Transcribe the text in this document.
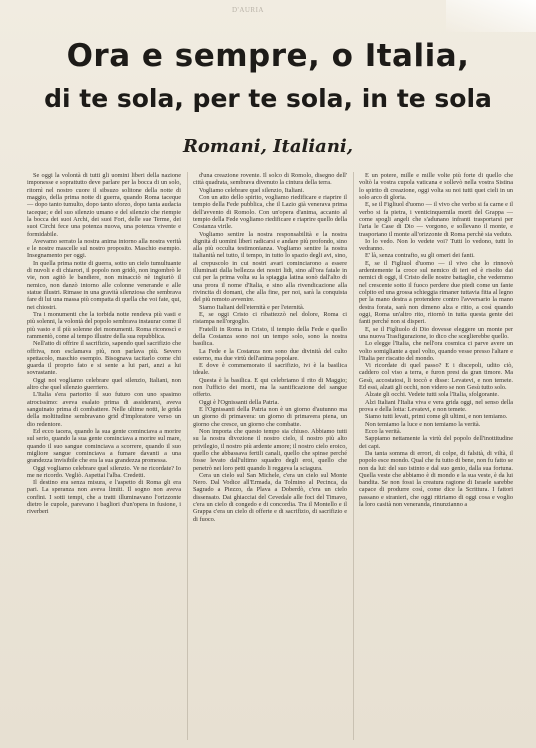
D'AURIA
Ora e sempre, o Italia,
di te sola, per te sola, in te sola
Romani, Italiani,

Se oggi la volontà di tutti gli uomini liberi della nazione imponesse e soprattutto deve parlare per la bocca di un solo, ritornì nel nostro cuore il sibsuzo solitone della notte di maggio, della prima notte di guerra, quando Roma taceque — dopo tanto tumulto, dopo tanto sforzo, dopo tanta audacia taceque; e del suo silenzio umano e del silenzio che riempie la bocca dei suoi Archi, dei suoi Fori, delle sue Terme, dei suoi Circhi fece una potenza nuova, una potenza vivente e formidabile.

Avevamo serrato la nostra anima intorno alla nostra verità e le nostre mascelle sul nostro proposito. Maschio esempio. Insegnamento per oggi.

In quella prima notte di guerra, sotto un cielo tumultuante di nuvoli e di chiarori, il popolo non gridò, non ingombrò le vie, non agitò le bandiere, non minacciò nè ingiuriò il nemico, non danzò intorno alle colonne venerande e alle statue illustri. Rimase in una gravità silenziosa che sembrava fare di lui una massa più compatta di quella che voi fate, qui, nei chiostri.

Tra i monumenti che la torbida notte rendeva più vasti e più solenni, la volontà del popolo sembrava instaurar come il più vasto e il più solenne dei monumenti. Roma riconoscì e rammentò, come al tempo illustre della sua repubblica.

Nell'atto di offrire il sacrifizio, sapendo quel sacrifizio che offriva, non esclamava più, non parlava più. Severo spettacolo, maschio esempio. Bisognava tacitarlo come chi guarda il proprio fato e si sente a lui pari, anzi a lui sovrastante.

Oggi noi vogliamo celebrare quel silenzio, Italiani, non altro che quel silenzio guerriero.

L'Italia s'era partorito il suo futuro con uno spasimo atrocissimo: aveva esalato prima di assiderarsi, aveva sanguinato prima di combattere. Nelle ultime notti, le grida della moltitudine sembravano grid d'imploratore verso un dio redentore.

Ed ecco tacera, quando la sua gente cominciava a morire sul serio, quando la sua gente cominciava a morire sul mare, quando il suo sangue cominciava a scorrere, quando il suo migliore sangue cominciava a fumare davanti a una grandezza invisibile che era la sua grandezza promessa.

Oggi vogliamo celebrare quel silenzio. Ve ne ricordate? Io me ne ricordo. Vegliò. Aspettai l'alba. Credetti.

Il destino era senza misura, e l'aspetto di Roma gli era pari. La speranza non aveva limiti. Il sogno non aveva confini. I sotti tempi, che a tratti illuminavano l'orizzonte dietro le cupole, parevano i bagliori d'un'opera in fusione, i riverberi

d'una creazione rovente. Il solco di Romolo, disegno dell' città quadrata, sembrava divenuto la cintura della terra.

Vogliamo celebrare quel silenzio, Italiani.

Con un atto dello spirito, vogliamo riedificare e riaprire il tempio della Fede pubblica, che il Lazio già venerava prima dell'avvento di Romolo. Con un'opera d'anima, accanto al tempio della Fede vogliamo riedificare e riaprire quello della Costanza virile.

Vogliamo sentire la nostra responsabilità e la nostra dignità di uomini liberi radicarsi e andare più profondo, sino alla più occulta testimonianza. Vogliamo sentire la nostra italianità nel tutto, il tempo, in tutto lo spazio degli avi, sino, al crepuscolo in cui nostri avari cominciarono a essere illuminati dalla bellezza dei nostri lidi, sino all'ora fatale in cui per la prima volta su la spiaggia latina sonò dall'alto di una prora il nome d'Italia, e sino alla rivendicazione alla rivincita di domani, che alla fine, per noi, sarà la conquista del più remoto avvenire.

Siamo Italiani dell'eternità e per l'eternità.

E, se oggi Cristo ci ribattezzò nel dolore, Roma ci ristampa nell'orgoglio.

Fratelli in Roma in Cristo, il tempio della Fede e quello della Costanza sono noi un tempo solo, sono la nostra basilica.

La Fede e la Costanza non sono due divinità del culto esterno, ma due virtù dell'anima popolare.

E dove è commemorato il sacrifizio, ivi è la basilica ideale.

Questa è la basilica. E qui celebriamo il rito di Maggio; non l'ufficio dei morti, ma la santificazione del sangue offerto.

Oggi è l'Ognissanti della Patria.

E l'Ognissanti della Patria non è un giorno d'autunno ma un giorno di primavera: un giorno di primavera piena, un giorno che cresce, un giorno che combatte.

Non importa che questo tempo sia chiuso. Abbiamo tutti su la nostra divozione il nostro cielo, il nostro più alto privilegio, il nostro più ardente amore; il nostro cielo eroico, quello che abbassava fertili canali, quello che spinse perché fosse levato dall'ultimo squadro degli eroi, quello che penetrò nei loro petti quando li reggeva la sciagura.

Cera un cielo sul San Michele, c'era un cielo sul Monte Nero. Dal Vodice all'Ermada, da Tolmino al Pecinca, da Sagrado a Piezzo, da Plava a Doberdò, c'era un cielo dissensato. Dai ghiacciai del Cevedale alle foci del Timavo, c'era un cielo di congedo e di concordia. Tra il Montello e il Grappa c'era un cielo di offerte e di sacrifizio, di sacrifizio e di fuoco.

E un potere, mille e mille volte più forte di quello che voltò la vostra cupola vaticana e sollevò nella vostra Sistina lo spirito di creazione, oggi volta su noi tutti quei cieli in un solo arco di gloria.

E, se il Figliuol d'uomo — il vivo che verbo si fa carne e il verbo si fa pietra, i venticinquemila morti del Grappa — come spogli angeli che s'adunano infranti trasportarsi per l'aria le Case di Dio — vorgono, e sollevano il monte, e trasportano il monte all'orizzonte di Roma perchè sia veduto.

Io lo vedo. Non lo vedete voi? Tutti lo vedono, tutti lo vedranno.

E' là, senza contrafto, su gli omeri dei fanti.

E, se il Figliuol d'uomo — il vivo che lo rinnovò ardentemente la croce sul nemico di ieri ed è risolto dai nemici di oggi, il Cristo delle nostre battaglie, che vedemmo nel crescente sotto il fuoco perdere due piedi come un fante colpito ed una grossa schieggia rimaner tuttavia fitta al legno per la mano destra a protendere contro l'avversario la mano destra forata, sarà non dimeno alza e ritto, a così quando oggi, Roma un'altro rito, ritornò in tutta questa gente dei fanti perché non si disperi.

E, se il Figliuolo di Dio dovesse eleggere un monte per una nuova Trasfigurazione, io dico che sceglierebbe quello.

Lo elegge l'Italia, che nell'ora cosmica ci parve avere un volto somigliante a quel volto, quando vesse presso l'altare e l'Italia per riscatto del mondo.

Vi ricordate di quel passo? E i discepoli, udito ciò, caddero col viso a terra, e furon presi da gran timore. Ma Gesù, accostatosi, li toccò e disse: Levatevi, e non temete. Ed essi, alzati gli occhi, non videro se non Gesù tutto solo.

Alzate gli occhi. Vedete tutti sola l'Italia, sfolgorante.

Alzi Italiani l'Italia viva e vera grida oggi, nel senso della prova e della lotta: Levatevi, e non temete.

Siamo tutti levati, primi come gli ultimi, e non temiamo.

Non temiamo la luce e non temiamo la verità.

Ecco la verità.

Sappiamo nettamente la virtù del popolo dell'inottitudine dei capi.

Da tanta somma di errori, di colpe, di falsità, di viltà, il popolo esce mondo. Qual che fu tutto di bene, non fu fatto se non da lui: del suo istinto e dal suo genio, dalla sua fortuna. Quella veste che abbiamo è di mondo e la sua veste, è da lui bandita. Se non fossi la creatura ragione di Israele sarebbe capace di produrre così, come dice la Scrittura. I fattori passano e stranieri, che oggi ritiriamo di oggi cosa e voglio la loro casità non veneranda, rinunzianno a
